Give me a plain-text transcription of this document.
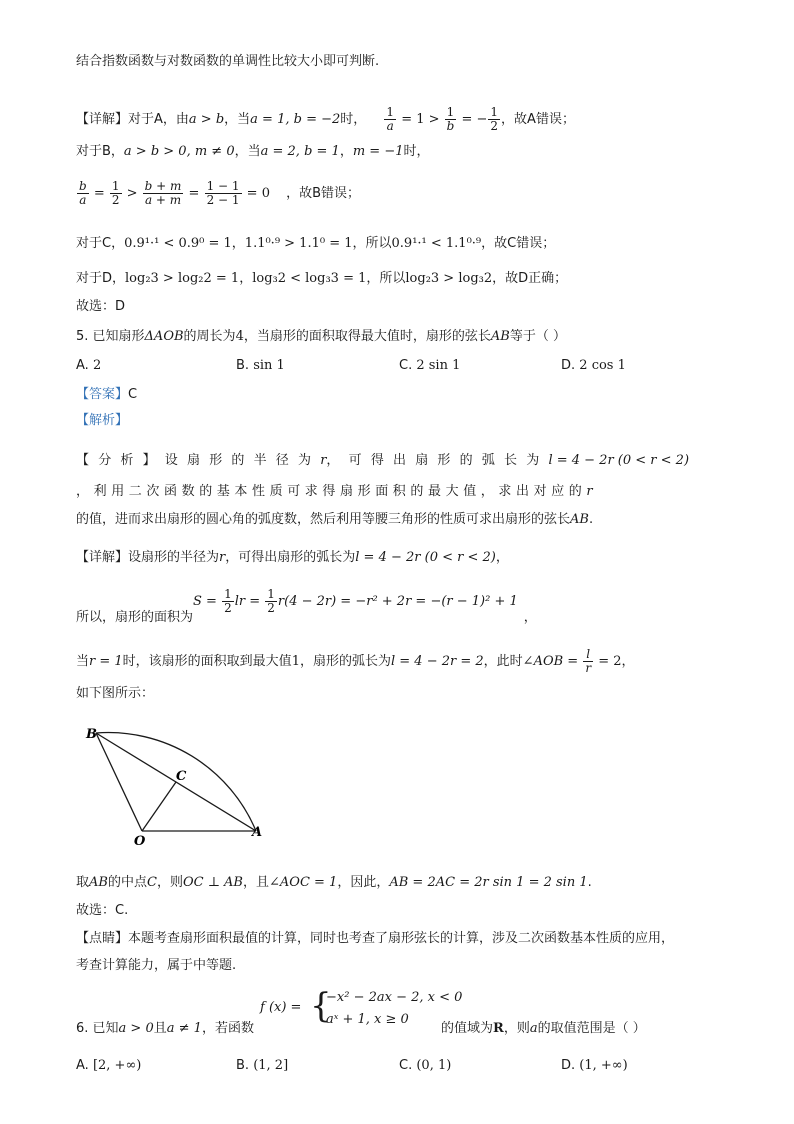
结合指数函数与对数函数的单调性比较大小即可判断.
【详解】对于A，由a > b，当a = 1, b = −2时， $\frac{1}{a} = 1 > \frac{1}{b}$ = − $\frac{1}{2}$ ，故A错误；
对于B，a > b > 0, m ≠ 0，当a = 2, b = 1，m = −1时，
$\frac{b}{a} = \frac{1}{2} > \frac{b + m}{a + m} = \frac{1 - 1}{2 - 1} = 0$ ，故B错误；
对于C，0.9¹·¹ < 0.9⁰ = 1，1.1⁰·⁹ > 1.1⁰ = 1，所以0.9¹·¹ < 1.1⁰·⁹，故C错误；
对于D，log₂3 > log₂2 = 1，log₃2 < log₃3 = 1，所以log₂3 > log₃2，故D正确；
故选：D
5. 已知扇形ΔAOB的周长为4，当扇形的面积取得最大值时，扇形的弦长AB等于（ ）
A. 2	B. sin 1	C. 2 sin 1	D. 2 cos 1
【答案】C
【解析】
【分析】设扇形的半径为r，可得出扇形的弧长为l = 4 − 2r (0 < r < 2)
，利用二次函数的基本性质可求得扇形面积的最大值，求出对应的r
的值，进而求出扇形的圆心角的弧度数，然后利用等腰三角形的性质可求出扇形的弦长AB.
【详解】设扇形的半径为r，可得出扇形的弧长为l = 4 − 2r (0 < r < 2)，
所以，扇形的面积为$S = \frac{1}{2}$ lr = $\frac{1}{2} r(4 - 2r) = -r^2 + 2r = -(r - 1)^2 + 1$，
当r = 1时，该扇形的面积取到最大值1，扇形的弧长为l = 4 − 2r = 2，此时∠AOB = $\frac{l}{r} = 2$，
如下图所示：
B
C
O
A
取AB的中点C，则OC ⊥ AB，且∠AOC = 1，因此，AB = 2AC = 2r sin 1 = 2 sin 1.
故选：C.
【点睛】本题考查扇形面积最值的计算，同时也考查了扇形弦长的计算，涉及二次函数基本性质的应用，
考查计算能力，属于中等题.
f (x) = {
−x² − 2ax − 2, x < 0
aˣ + 1, x ≥ 0
6. 已知a > 0且a ≠ 1，若函数	的值域为R，则a的取值范围是（ ）
A. [2, +∞)	B. (1, 2]	C. (0, 1)	D. (1, +∞)
